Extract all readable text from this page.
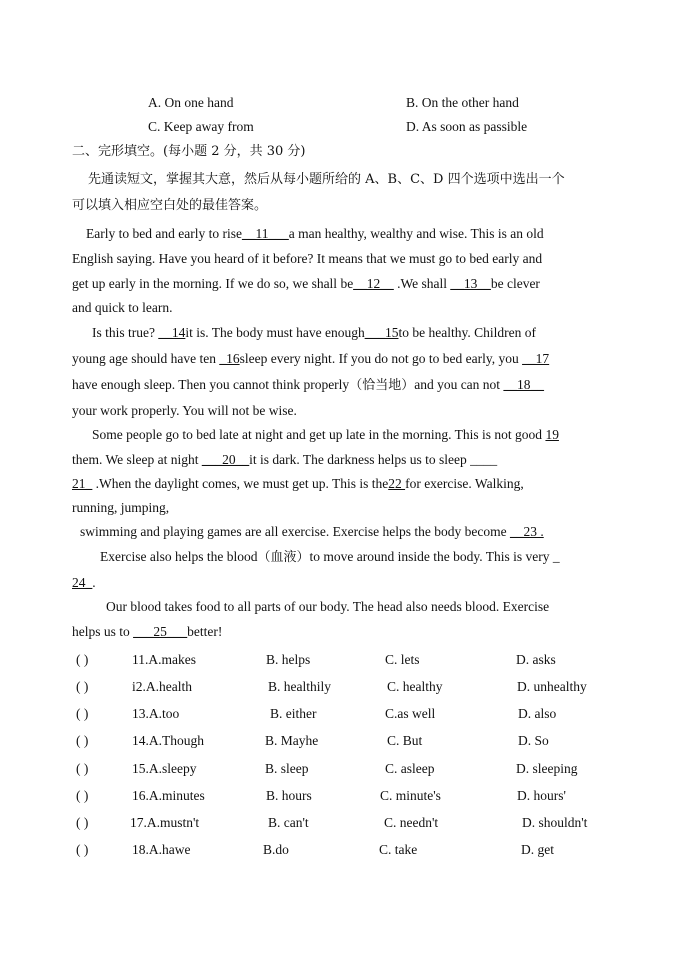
A. On one hand	B. On the other hand
C. Keep away from	D. As soon as passible
二、完形填空。(每小题 2 分，共 30 分)
先通读短文，掌握其大意，然后从每小题所给的 A、B、C、D 四个选项中选出一个
可以填入相应空白处的最佳答案。
Early to bed and early to rise__11___a man healthy, wealthy and wise. This is an old
English saying. Have you heard of it before? It means that we must go to bed early and
get up early in the morning. If we do so, we shall be__12__ .We shall __13__be clever
and quick to learn.
Is this true? __14it is. The body must have enough___15to be healthy. Children of
young age should have ten _16sleep every night. If you do not go to bed early, you __17
have enough sleep. Then you cannot think properly（恰当地）and you can not __18__
your work properly. You will not be wise.
Some people go to bed late at night and get up late in the morning. This is not good 19
them. We sleep at night ___20__it is dark. The darkness helps us to sleep ____
21_ .When the daylight comes, we must get up. This is the22 for exercise. Walking,
running, jumping,
swimming and playing games are all exercise. Exercise helps the body become __23 .
Exercise also helps the blood（血液）to move around inside the body. This is very _
24_.
Our blood takes food to all parts of our body. The head also needs blood. Exercise
helps us to ___25___better!
( )	11.A.makes	B. helps	C. lets	D. asks
( )	i2.A.health	B. healthily	C. healthy	D. unhealthy
( )	13.A.too	B. either	C.as well	D. also
( )	14.A.Though	B. Mayhe	C. But	D. So
( )	15.A.sleepy	B. sleep	C. asleep	D. sleeping
( )	16.A.minutes	B. hours	C. minute's	D. hours'
( )	17.A.mustn't	B. can't	C. needn't	D. shouldn't
( )	18.A.hawe	B.do	C. take	D. get
